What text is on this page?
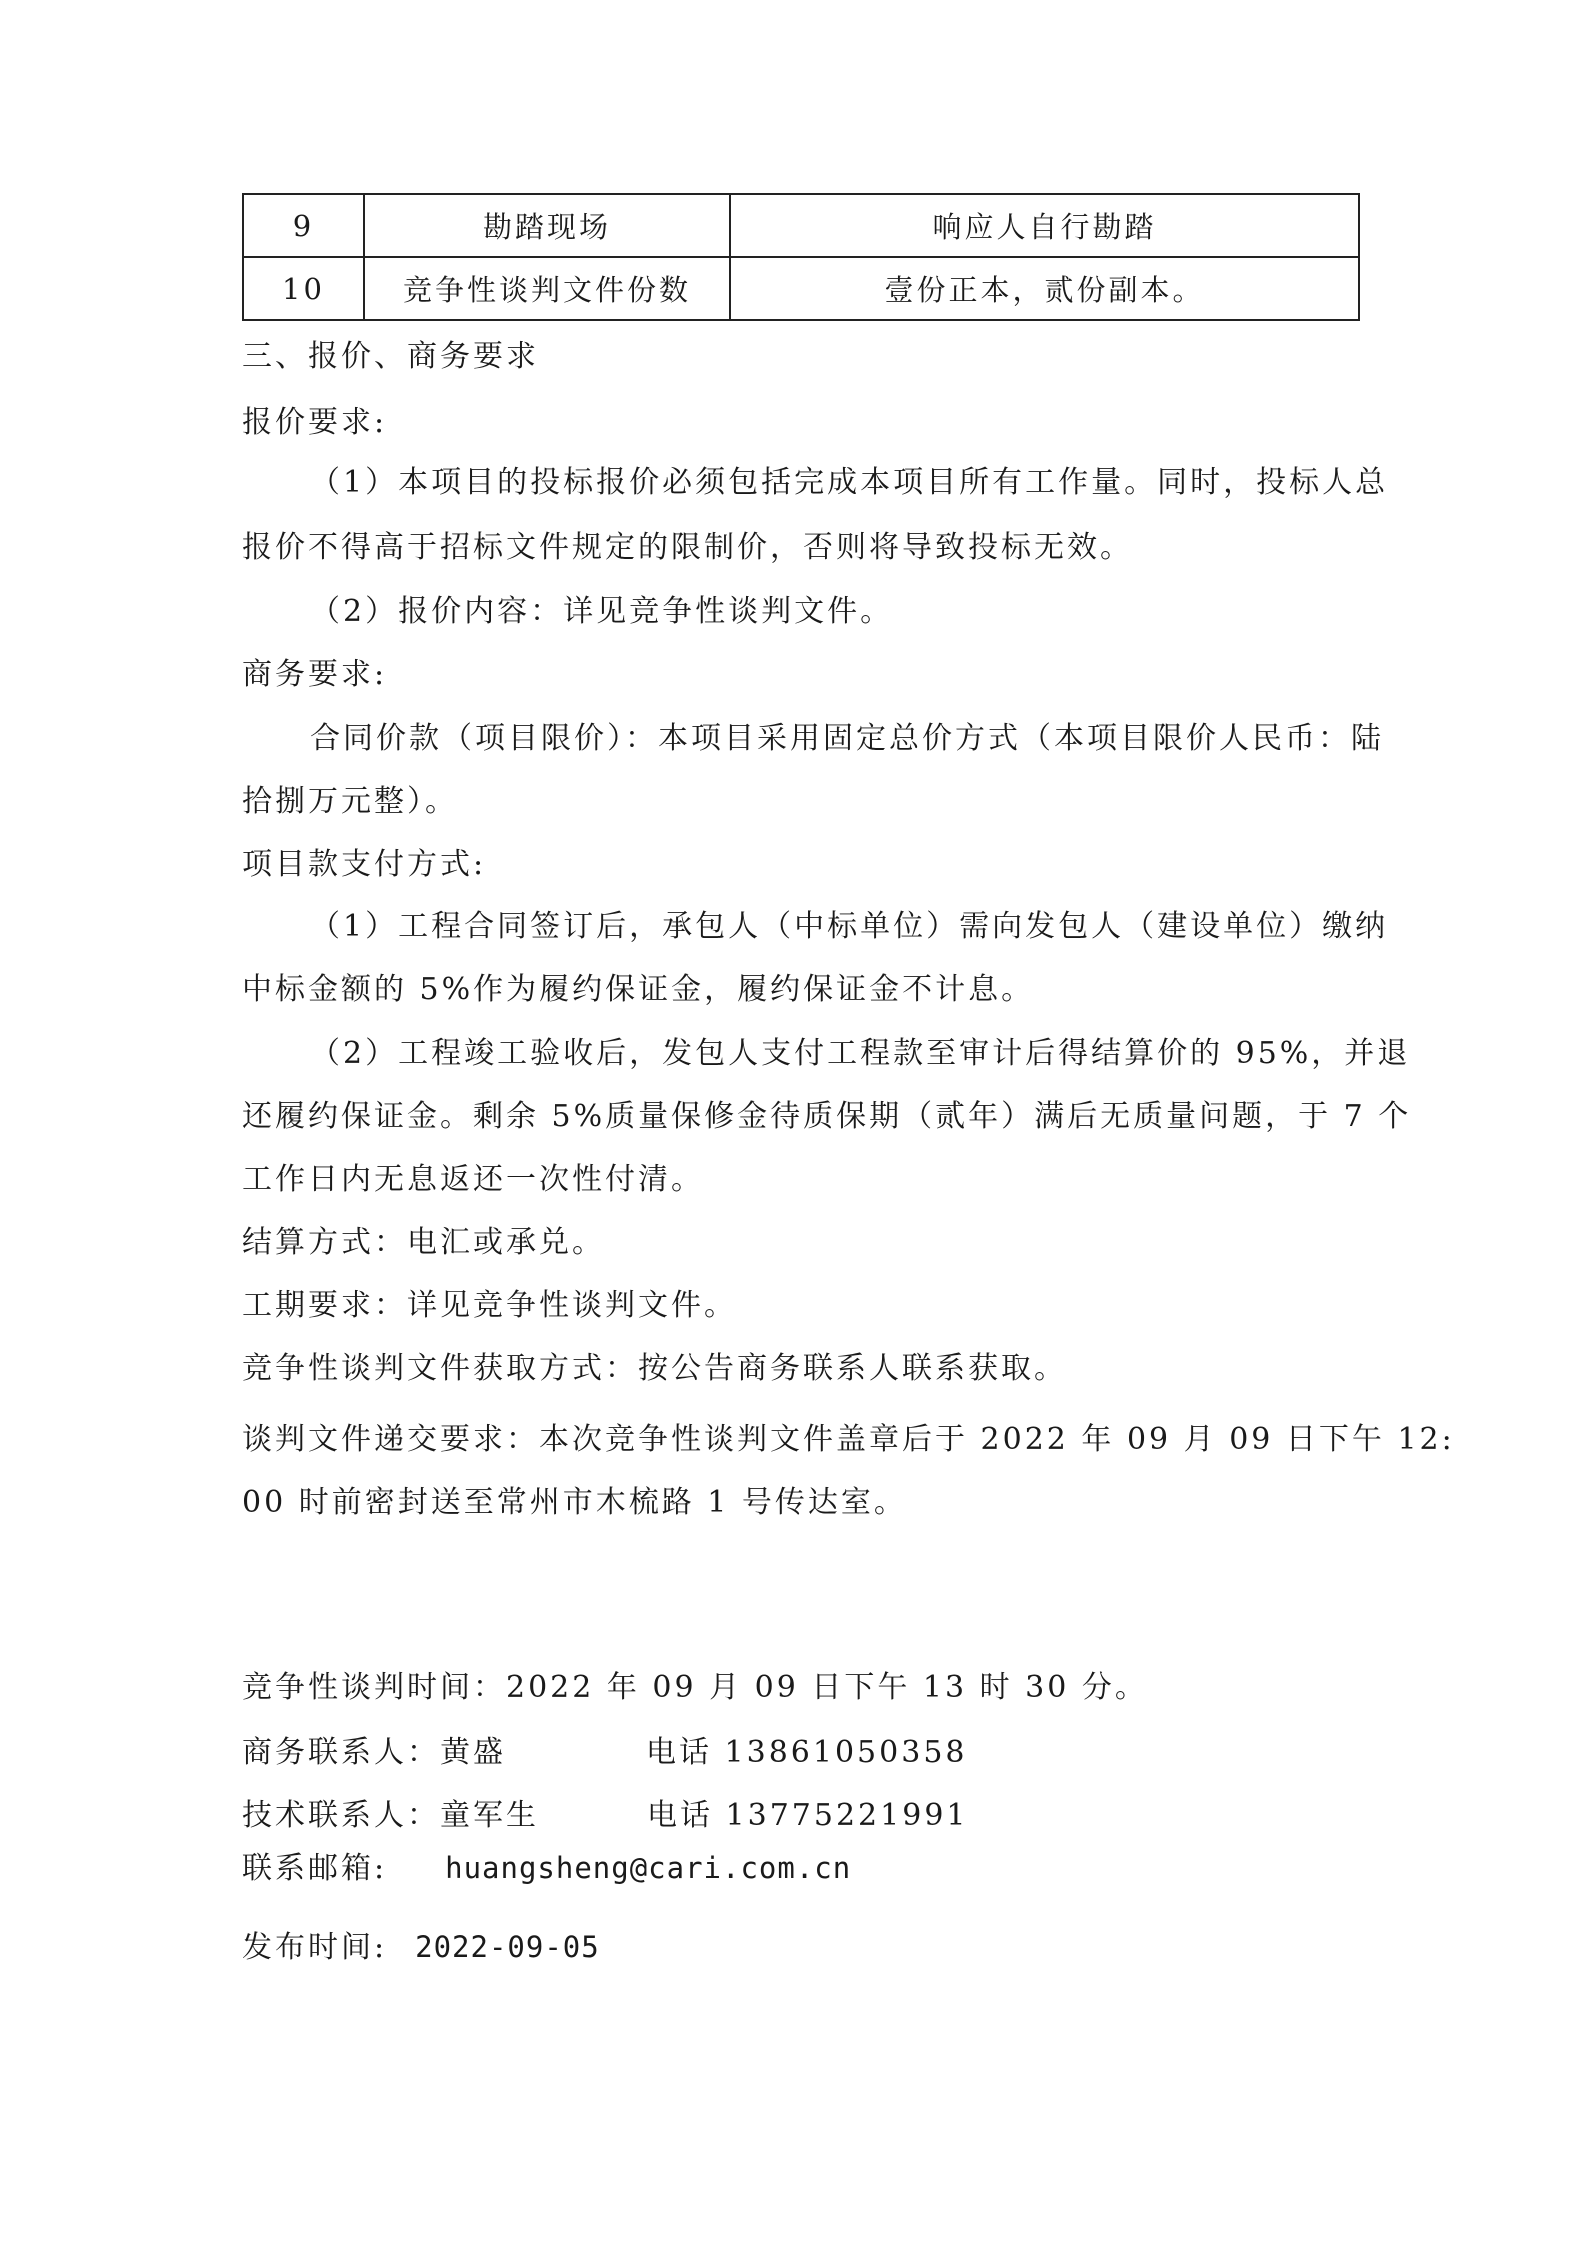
9	勘踏现场	响应人自行勘踏
10	竞争性谈判文件份数	壹份正本，贰份副本。
三、报价、商务要求
报价要求:
（1）本项目的投标报价必须包括完成本项目所有工作量。同时，投标人总
报价不得高于招标文件规定的限制价，否则将导致投标无效。
（2）报价内容：详见竞争性谈判文件。
商务要求:
合同价款（项目限价）：本项目采用固定总价方式（本项目限价人民币：陆
拾捌万元整）。
项目款支付方式:
（1）工程合同签订后，承包人（中标单位）需向发包人（建设单位）缴纳
中标金额的 5%作为履约保证金，履约保证金不计息。
（2）工程竣工验收后，发包人支付工程款至审计后得结算价的 95%，并退
还履约保证金。剩余 5%质量保修金待质保期（贰年）满后无质量问题，于 7 个
工作日内无息返还一次性付清。
结算方式：电汇或承兑。
工期要求：详见竞争性谈判文件。
竞争性谈判文件获取方式：按公告商务联系人联系获取。
谈判文件递交要求：本次竞争性谈判文件盖章后于 2022 年 09 月 09 日下午 12:
00 时前密封送至常州市木梳路 1 号传达室。
竞争性谈判时间：2022 年 09 月 09 日下午 13 时 30 分。
商务联系人：黄盛	电话 13861050358
技术联系人：童军生	电话 13775221991
联系邮箱: huangsheng@cari.com.cn
发布时间: 2022-09-05
